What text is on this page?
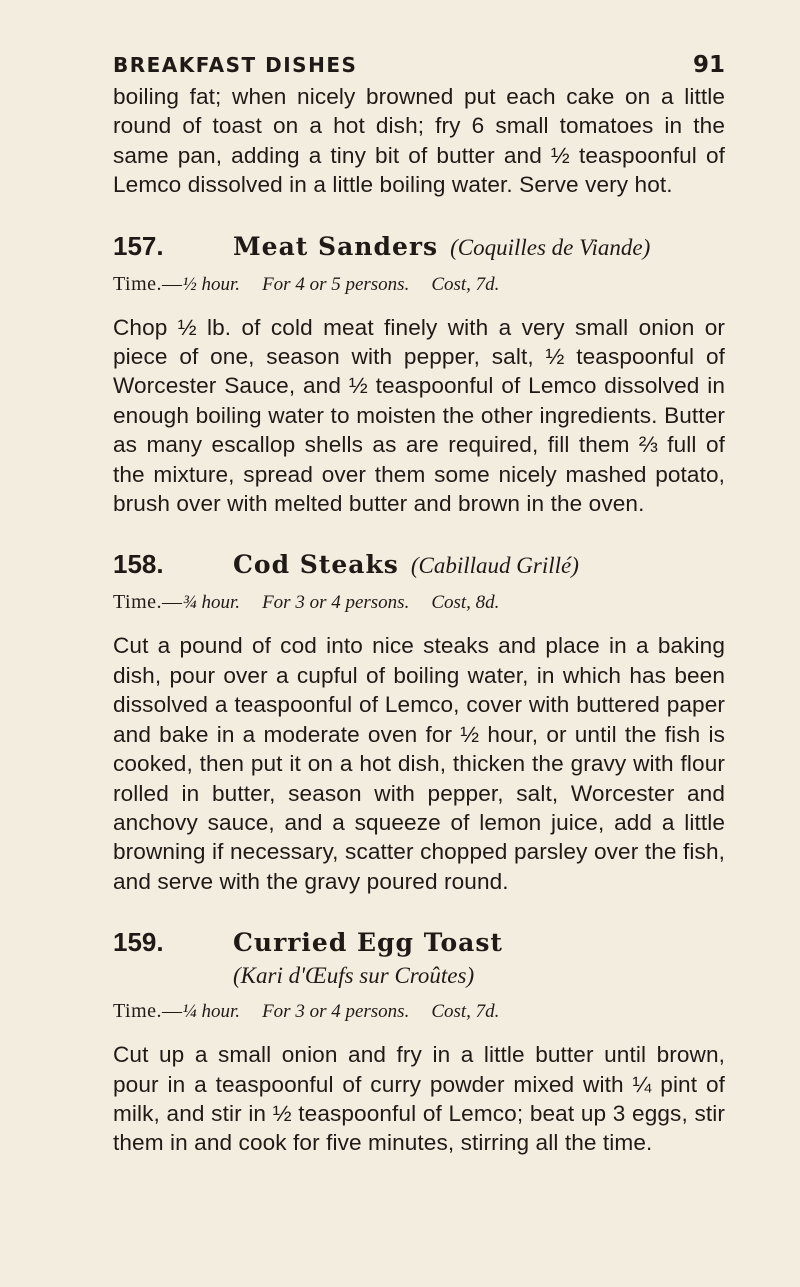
BREAKFAST DISHES	91

boiling fat; when nicely browned put each cake on a little round of toast on a hot dish; fry 6 small tomatoes in the same pan, adding a tiny bit of butter and ½ teaspoonful of Lemco dissolved in a little boiling water. Serve very hot.

157.	Meat Sanders (Coquilles de Viande)
Time.—½ hour. For 4 or 5 persons. Cost, 7d.

Chop ½ lb. of cold meat finely with a very small onion or piece of one, season with pepper, salt, ½ teaspoonful of Worcester Sauce, and ½ teaspoonful of Lemco dissolved in enough boiling water to moisten the other ingredients. Butter as many escallop shells as are required, fill them ⅔ full of the mixture, spread over them some nicely mashed potato, brush over with melted butter and brown in the oven.

158.	Cod Steaks (Cabillaud Grillé)
Time.—¾ hour. For 3 or 4 persons. Cost, 8d.

Cut a pound of cod into nice steaks and place in a baking dish, pour over a cupful of boiling water, in which has been dissolved a teaspoonful of Lemco, cover with buttered paper and bake in a moderate oven for ½ hour, or until the fish is cooked, then put it on a hot dish, thicken the gravy with flour rolled in butter, season with pepper, salt, Worcester and anchovy sauce, and a squeeze of lemon juice, add a little browning if necessary, scatter chopped parsley over the fish, and serve with the gravy poured round.

159.	Curried Egg Toast
(Kari d'Œufs sur Croûtes)
Time.—¼ hour. For 3 or 4 persons. Cost, 7d.

Cut up a small onion and fry in a little butter until brown, pour in a teaspoonful of curry powder mixed with ¼ pint of milk, and stir in ½ teaspoonful of Lemco; beat up 3 eggs, stir them in and cook for five minutes, stirring all the time.
